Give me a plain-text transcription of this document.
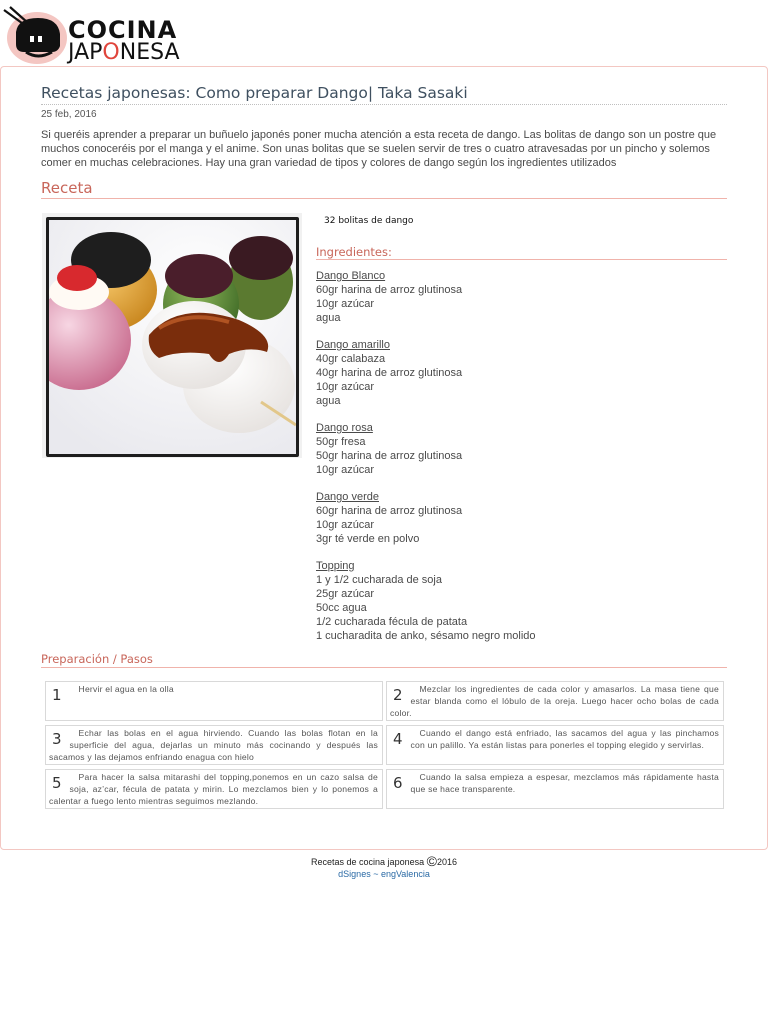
COCINA
JAPONESA
Recetas japonesas: Como preparar Dango| Taka Sasaki
25 feb, 2016
Si queréis aprender a preparar un buñuelo japonés poner mucha atención a esta receta de dango. Las bolitas de dango son un postre que muchos conoceréis por el manga y el anime. Son unas bolitas que se suelen servir de tres o cuatro atravesadas por un pincho y solemos comer en muchas celebraciones. Hay una gran variedad de tipos y colores de dango según los ingredientes utilizados
Receta
32 bolitas de dango
Ingredientes:
Dango Blanco
60gr harina de arroz glutinosa
10gr azúcar
agua
Dango amarillo
40gr calabaza
40gr harina de arroz glutinosa
10gr azúcar
agua
Dango rosa
50gr fresa
50gr harina de arroz glutinosa
10gr azúcar
Dango verde
60gr harina de arroz glutinosa
10gr azúcar
3gr té verde en polvo
Topping
1 y 1/2 cucharada de soja
25gr azúcar
50cc agua
1/2 cucharada fécula de patata
1 cucharadita de anko, sésamo negro molido
Preparación / Pasos
1	Hervir el agua en la olla	2	Mezclar los ingredientes de cada color y amasarlos. La masa tiene que estar blanda como el lóbulo de la oreja. Luego hacer ocho bolas de cada color.
3	Echar las bolas en el agua hirviendo. Cuando las bolas flotan en la superficie del agua, dejarlas un minuto más cocinando y después las sacamos y las dejamos enfriando enagua con hielo
4	Cuando el dango está enfriado, las sacamos del agua y las pinchamos con un palillo. Ya están listas para ponerles el topping elegido y servirlas.
5	Para hacer la salsa mitarashi del topping,ponemos en un cazo salsa de soja, az’car, fécula de patata y mirin. Lo mezclamos bien y lo ponemos a calentar a fuego lento mientras seguimos mezlando.
6	Cuando la salsa empieza a espesar, mezclamos más rápidamente hasta que se hace transparente.
Recetas de cocina japonesa ©2016
dSignes ~ engValencia
